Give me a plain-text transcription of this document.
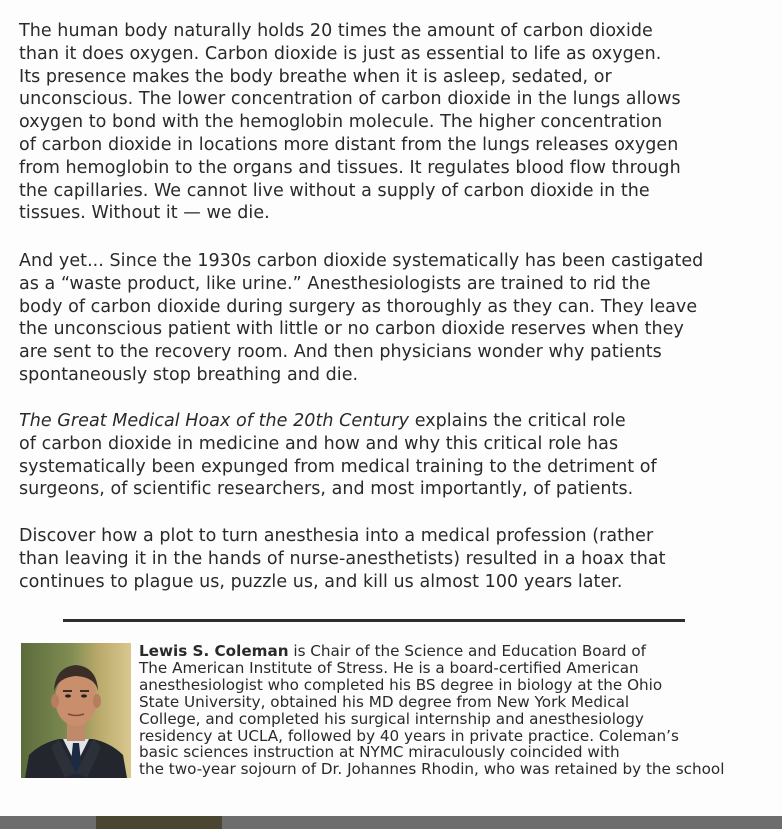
The human body naturally holds 20 times the amount of carbon dioxide
than it does oxygen. Carbon dioxide is just as essential to life as oxygen.
Its presence makes the body breathe when it is asleep, sedated, or
unconscious. The lower concentration of carbon dioxide in the lungs allows
oxygen to bond with the hemoglobin molecule. The higher concentration
of carbon dioxide in locations more distant from the lungs releases oxygen
from hemoglobin to the organs and tissues. It regulates blood flow through
the capillaries. We cannot live without a supply of carbon dioxide in the
tissues. Without it — we die.

And yet... Since the 1930s carbon dioxide systematically has been castigated
as a “waste product, like urine.” Anesthesiologists are trained to rid the
body of carbon dioxide during surgery as thoroughly as they can. They leave
the unconscious patient with little or no carbon dioxide reserves when they
are sent to the recovery room. And then physicians wonder why patients
spontaneously stop breathing and die.

The Great Medical Hoax of the 20th Century explains the critical role
of carbon dioxide in medicine and how and why this critical role has
systematically been expunged from medical training to the detriment of
surgeons, of scientific researchers, and most importantly, of patients.

Discover how a plot to turn anesthesia into a medical profession (rather
than leaving it in the hands of nurse-anesthetists) resulted in a hoax that
continues to plague us, puzzle us, and kill us almost 100 years later.

Lewis S. Coleman is Chair of the Science and Education Board of
The American Institute of Stress. He is a board-certified American
anesthesiologist who completed his BS degree in biology at the Ohio
State University, obtained his MD degree from New York Medical
College, and completed his surgical internship and anesthesiology
residency at UCLA, followed by 40 years in private practice. Coleman’s
basic sciences instruction at NYMC miraculously coincided with
the two-year sojourn of Dr. Johannes Rhodin, who was retained by the school
